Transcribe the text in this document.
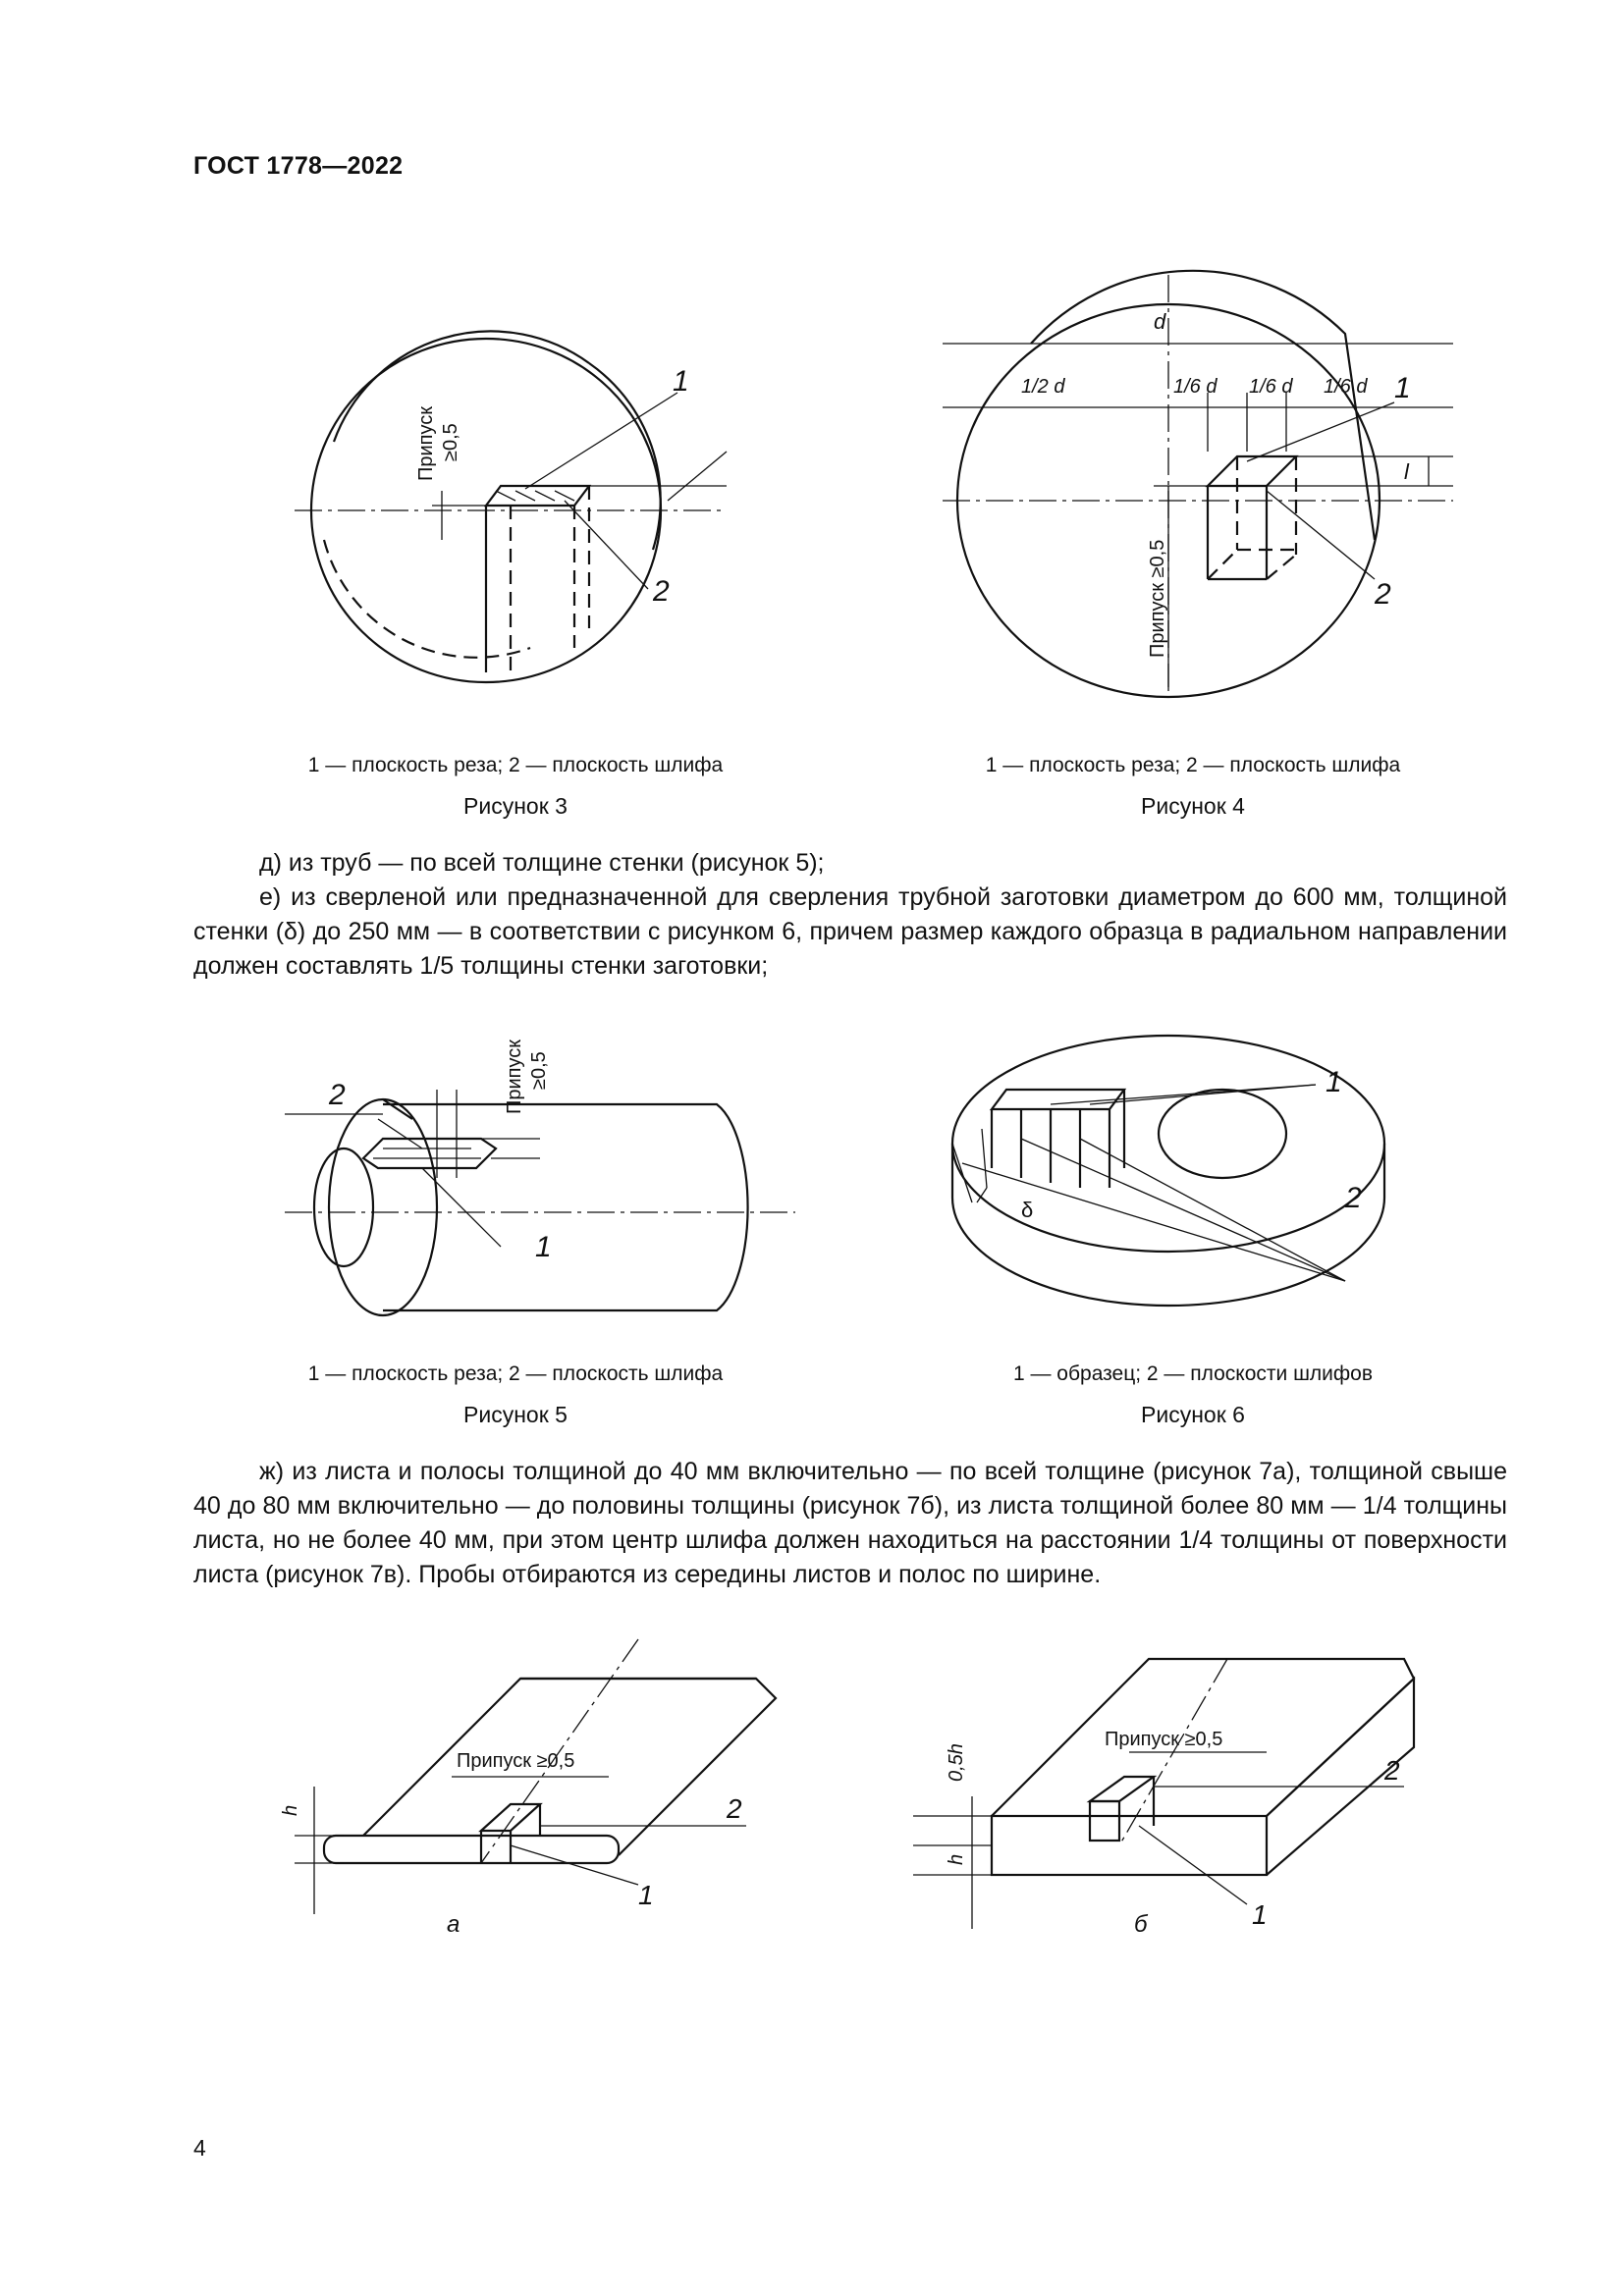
ГОСТ 1778—2022
1
2
Припуск ≥0,5
1 — плоскость реза; 2 — плоскость шлифа
Рисунок 3
d
1/2 d	1/6 d 1/6 d 1/6 d 1
2
l
Припуск ≥0,5
1 — плоскость реза; 2 — плоскость шлифа
Рисунок 4
д) из труб — по всей толщине стенки (рисунок 5);
е) из сверленой или предназначенной для сверления трубной заготовки диаметром до 600 мм, толщиной стенки (δ) до 250 мм — в соответствии с рисунком 6, причем размер каждого образца в радиальном направлении должен составлять 1/5 толщины стенки заготовки;
2
1
Припуск ≥0,5
1 — плоскость реза; 2 — плоскость шлифа
Рисунок 5
1
2
δ
1 — образец; 2 — плоскости шлифов
Рисунок 6
ж) из листа и полосы толщиной до 40 мм включительно — по всей толщине (рисунок 7а), толщиной свыше 40 до 80 мм включительно — до половины толщины (рисунок 7б), из листа толщиной более 80 мм — 1/4 толщины листа, но не более 40 мм, при этом центр шлифа должен находиться на расстоянии 1/4 толщины от поверхности листа (рисунок 7в). Пробы отбираются из середины листов и полос по ширине.
Припуск ≥0,5
2
1
h
а
Припуск ≥0,5
2
1
0,5h
h
б
4
